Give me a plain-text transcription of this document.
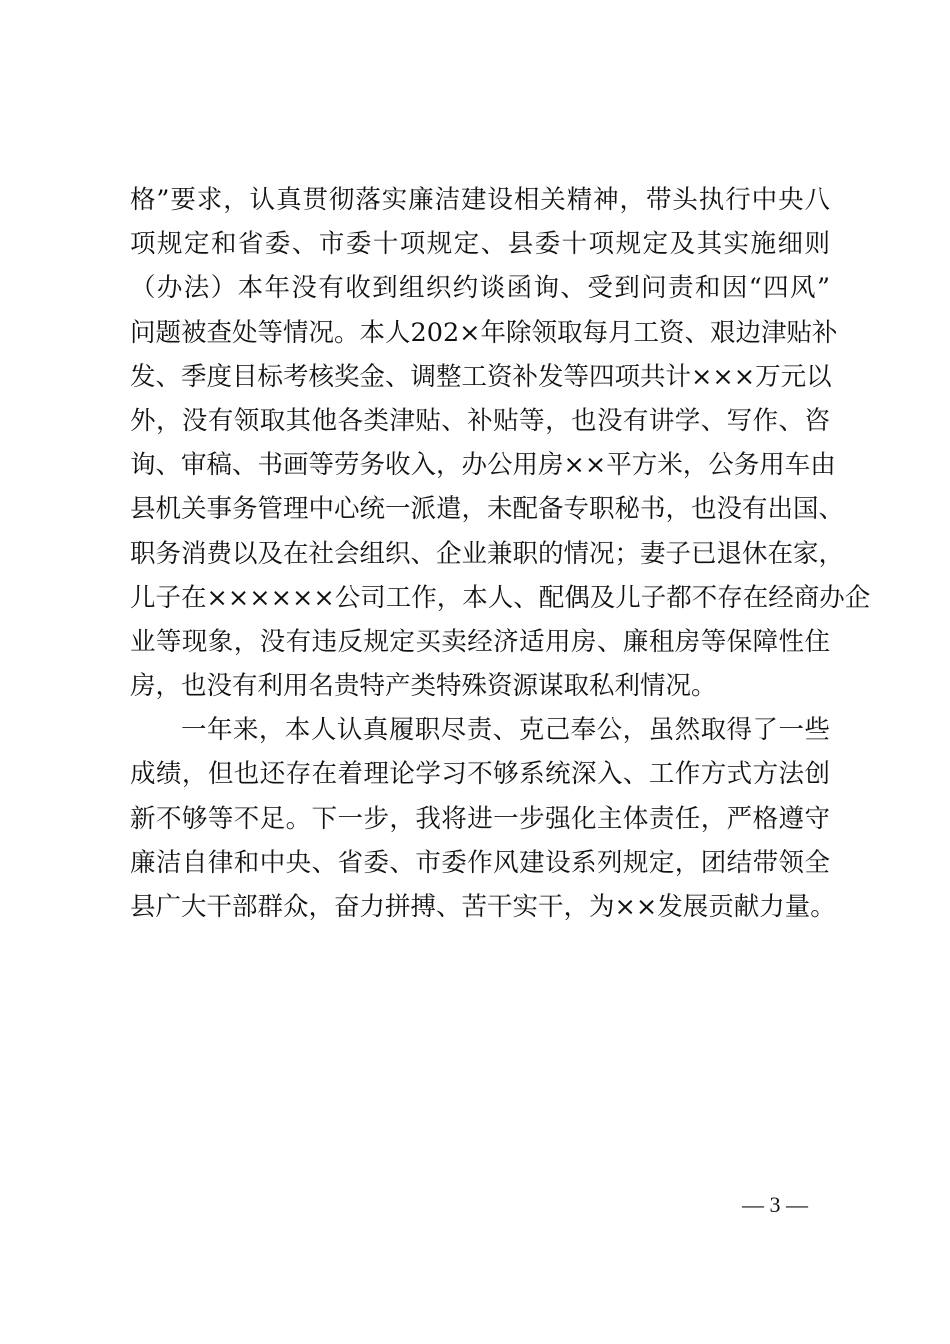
格”要求，认真贯彻落实廉洁建设相关精神，带头执行中央八
项规定和省委、市委十项规定、县委十项规定及其实施细则
（办法）本年没有收到组织约谈函询、受到问责和因“四风”
问题被查处等情况。本人202×年除领取每月工资、艰边津贴补
发、季度目标考核奖金、调整工资补发等四项共计×××万元以
外，没有领取其他各类津贴、补贴等，也没有讲学、写作、咨
询、审稿、书画等劳务收入，办公用房××平方米，公务用车由
县机关事务管理中心统一派遣，未配备专职秘书，也没有出国、
职务消费以及在社会组织、企业兼职的情况；妻子已退休在家，
儿子在××××××公司工作，本人、配偶及儿子都不存在经商办企
业等现象，没有违反规定买卖经济适用房、廉租房等保障性住
房，也没有利用名贵特产类特殊资源谋取私利情况。
一年来，本人认真履职尽责、克己奉公，虽然取得了一些
成绩，但也还存在着理论学习不够系统深入、工作方式方法创
新不够等不足。下一步，我将进一步强化主体责任，严格遵守
廉洁自律和中央、省委、市委作风建设系列规定，团结带领全
县广大干部群众，奋力拼搏、苦干实干，为××发展贡献力量。
— 3 —
